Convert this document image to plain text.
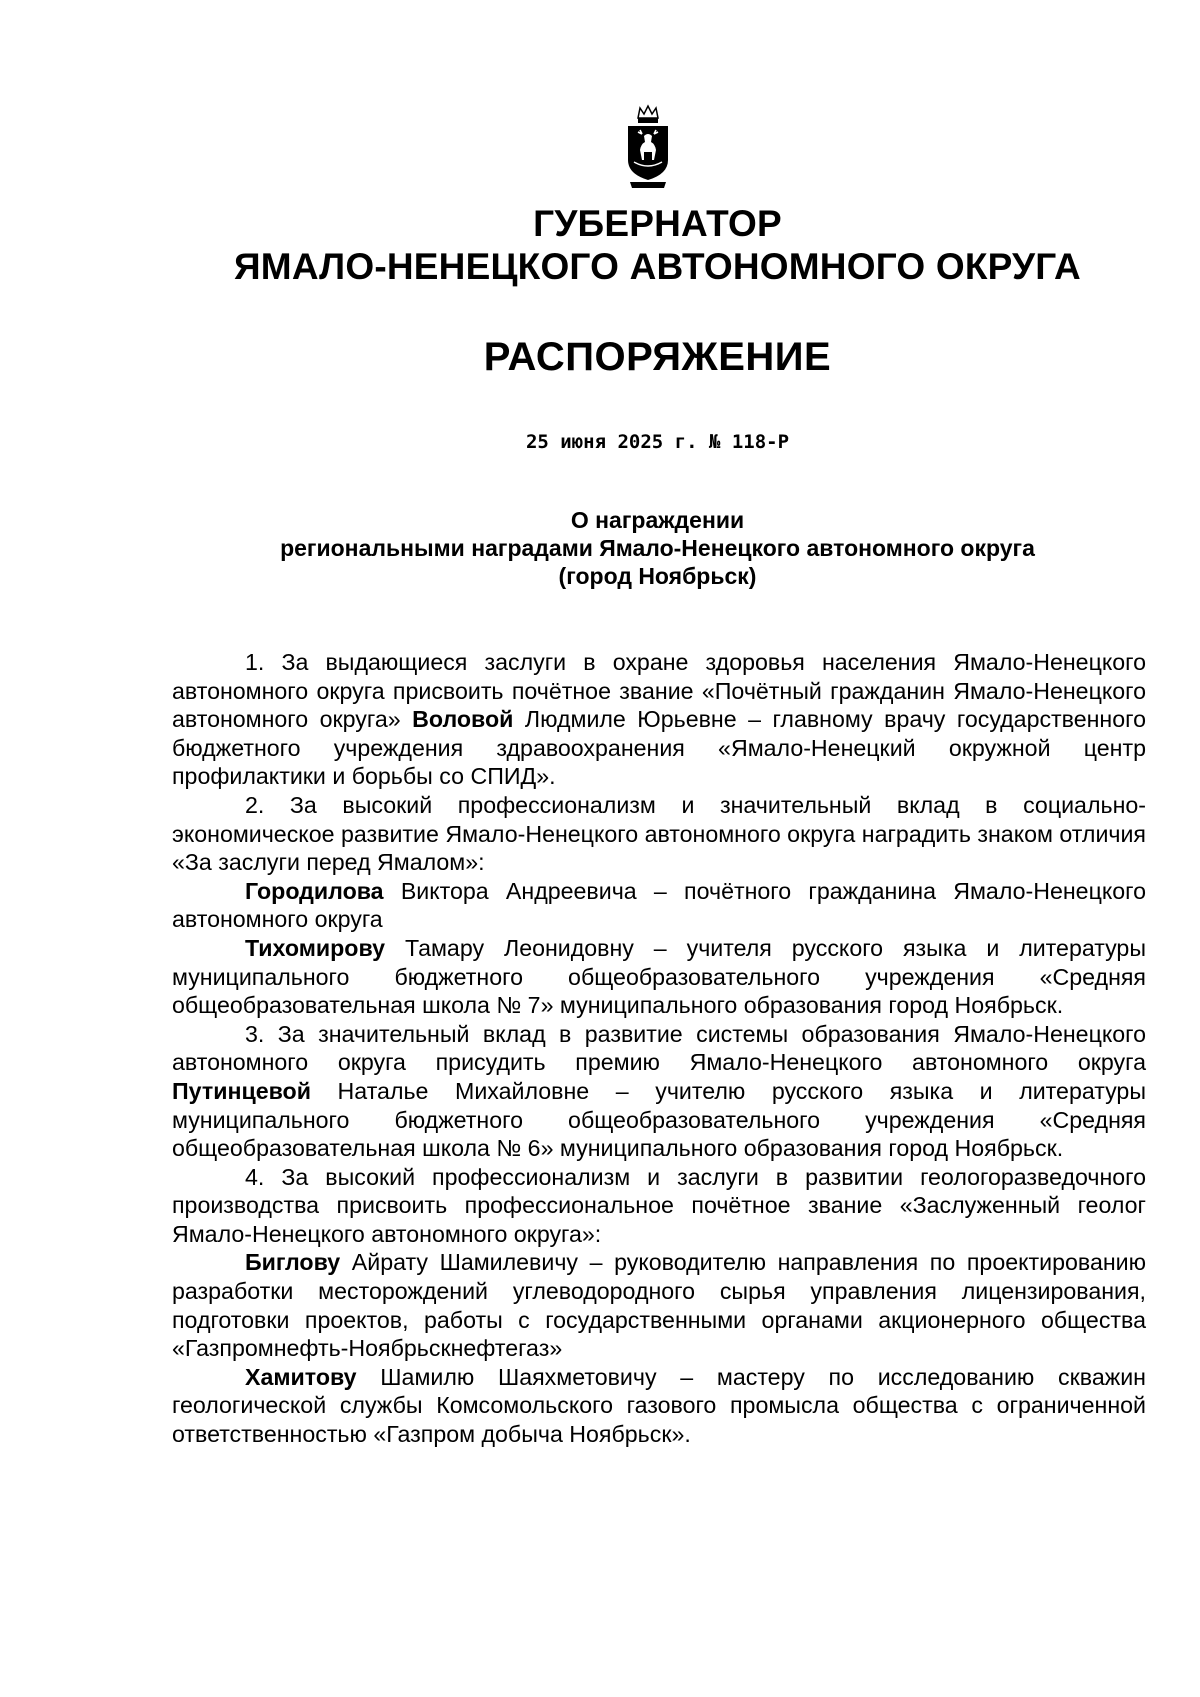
ГУБЕРНАТОР
ЯМАЛО-НЕНЕЦКОГО АВТОНОМНОГО ОКРУГА
РАСПОРЯЖЕНИЕ
25 июня 2025 г. № 118-Р
О награждении
региональными наградами Ямало-Ненецкого автономного округа
(город Ноябрьск)

1. За выдающиеся заслуги в охране здоровья населения Ямало-Ненецкого автономного округа присвоить почётное звание «Почётный гражданин Ямало-Ненецкого автономного округа» Воловой Людмиле Юрьевне – главному врачу государственного бюджетного учреждения здравоохранения «Ямало-Ненецкий окружной центр профилактики и борьбы со СПИД».

2. За высокий профессионализм и значительный вклад в социально-экономическое развитие Ямало-Ненецкого автономного округа наградить знаком отличия «За заслуги перед Ямалом»:

Городилова Виктора Андреевича – почётного гражданина Ямало-Ненецкого автономного округа

Тихомирову Тамару Леонидовну – учителя русского языка и литературы муниципального бюджетного общеобразовательного учреждения «Средняя общеобразовательная школа № 7» муниципального образования город Ноябрьск.

3. За значительный вклад в развитие системы образования Ямало-Ненецкого автономного округа присудить премию Ямало-Ненецкого автономного округа Путинцевой Наталье Михайловне – учителю русского языка и литературы муниципального бюджетного общеобразовательного учреждения «Средняя общеобразовательная школа № 6» муниципального образования город Ноябрьск.

4. За высокий профессионализм и заслуги в развитии геологоразведочного производства присвоить профессиональное почётное звание «Заслуженный геолог Ямало-Ненецкого автономного округа»:

Биглову Айрату Шамилевичу – руководителю направления по проектированию разработки месторождений углеводородного сырья управления лицензирования, подготовки проектов, работы с государственными органами акционерного общества «Газпромнефть-Ноябрьскнефтегаз»

Хамитову Шамилю Шаяхметовичу – мастеру по исследованию скважин геологической службы Комсомольского газового промысла общества с ограниченной ответственностью «Газпром добыча Ноябрьск».
